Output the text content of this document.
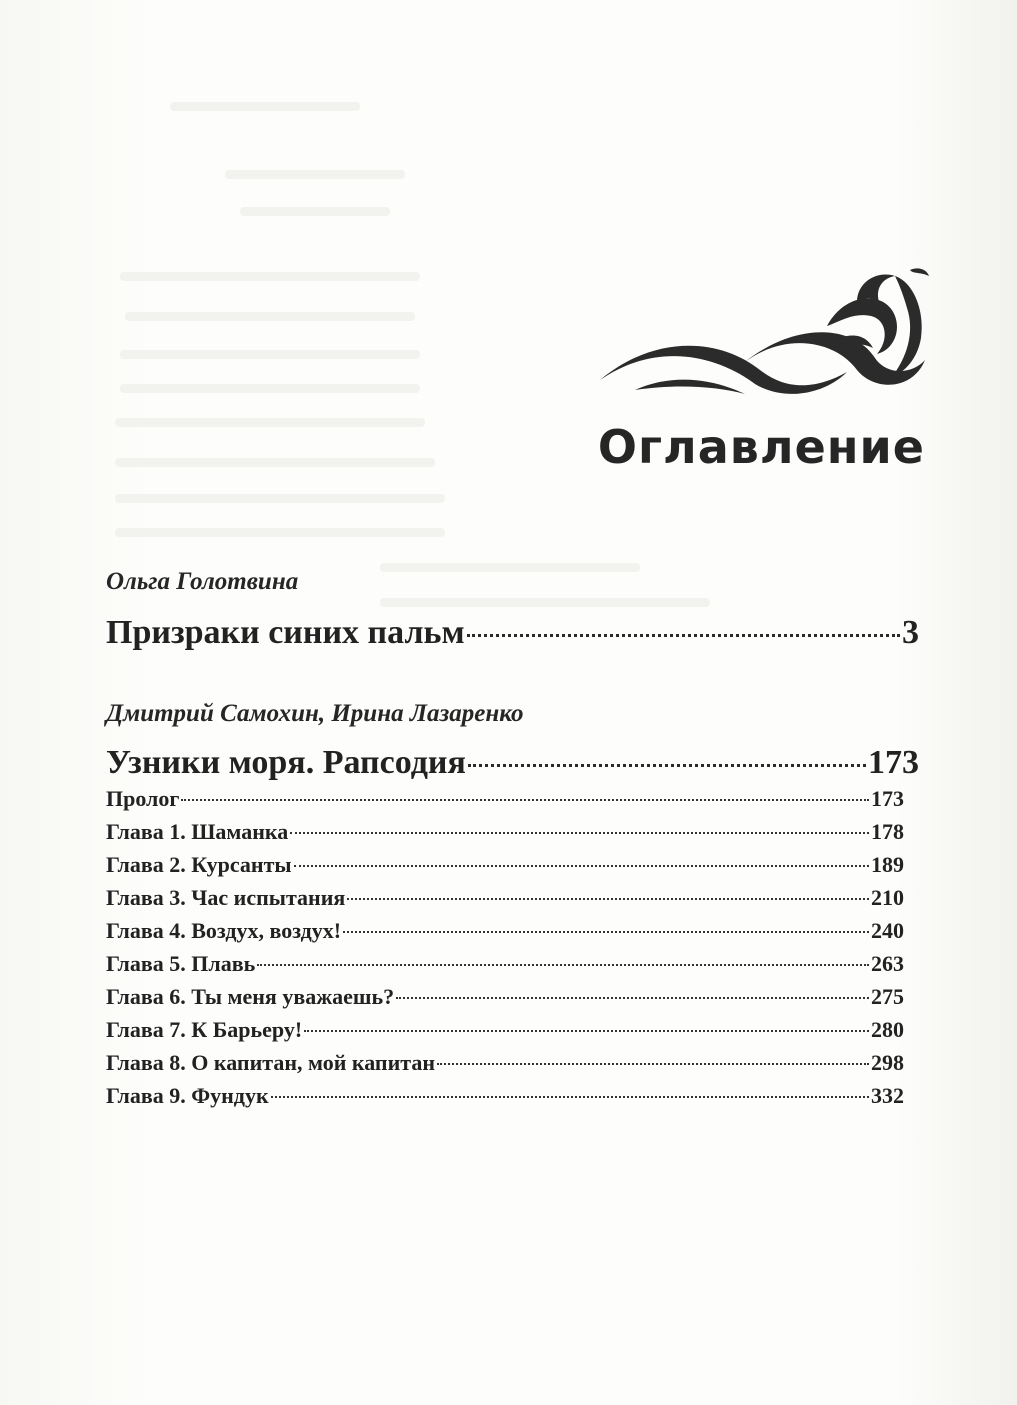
Оглавление
Ольга Голотвина
Призраки синих пальм	3
Дмитрий Самохин, Ирина Лазаренко
Узники моря. Рапсодия	173
Пролог	173
Глава 1. Шаманка	178
Глава 2. Курсанты	189
Глава 3. Час испытания	210
Глава 4. Воздух, воздух!	240
Глава 5. Плавь	263
Глава 6. Ты меня уважаешь?	275
Глава 7. К Барьеру!	280
Глава 8. О капитан, мой капитан	298
Глава 9. Фундук	332
